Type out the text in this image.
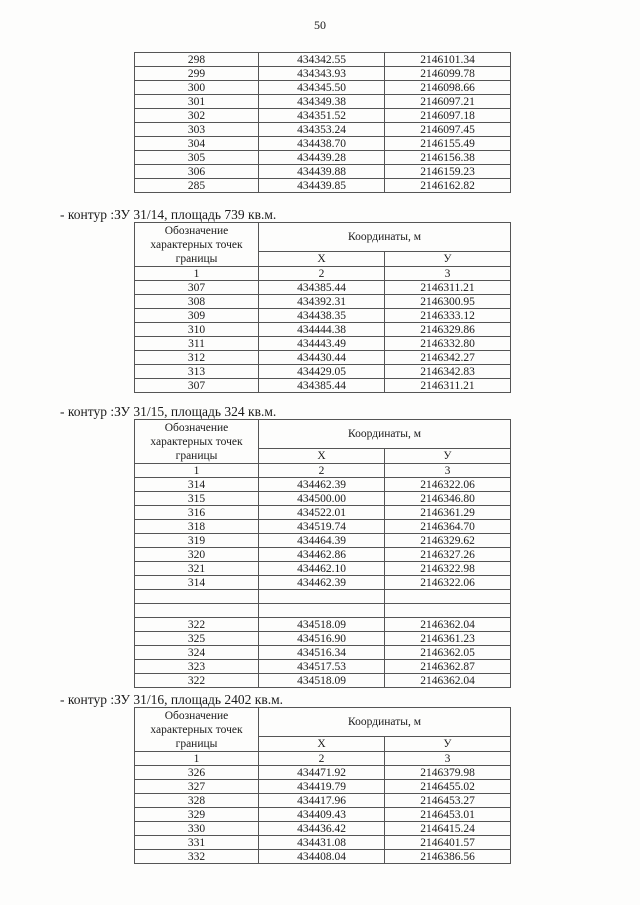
50
298	434342.55	2146101.34
299	434343.93	2146099.78
300	434345.50	2146098.66
301	434349.38	2146097.21
302	434351.52	2146097.18
303	434353.24	2146097.45
304	434438.70	2146155.49
305	434439.28	2146156.38
306	434439.88	2146159.23
285	434439.85	2146162.82
- контур :ЗУ 31/14, площадь 739 кв.м.
Обозначение
характерных точек
границы	Координаты, м	
	X	У
1	2	3
307	434385.44	2146311.21
308	434392.31	2146300.95
309	434438.35	2146333.12
310	434444.38	2146329.86
311	434443.49	2146332.80
312	434430.44	2146342.27
313	434429.05	2146342.83
307	434385.44	2146311.21
- контур :ЗУ 31/15, площадь 324 кв.м.
Обозначение
характерных точек
границы	Координаты, м	
	X	У
1	2	3
314	434462.39	2146322.06
315	434500.00	2146346.80
316	434522.01	2146361.29
318	434519.74	2146364.70
319	434464.39	2146329.62
320	434462.86	2146327.26
321	434462.10	2146322.98
314	434462.39	2146322.06

322	434518.09	2146362.04
325	434516.90	2146361.23
324	434516.34	2146362.05
323	434517.53	2146362.87
322	434518.09	2146362.04
- контур :ЗУ 31/16, площадь 2402 кв.м.
Обозначение
характерных точек
границы	Координаты, м	
	X	У
1	2	3
326	434471.92	2146379.98
327	434419.79	2146455.02
328	434417.96	2146453.27
329	434409.43	2146453.01
330	434436.42	2146415.24
331	434431.08	2146401.57
332	434408.04	2146386.56
